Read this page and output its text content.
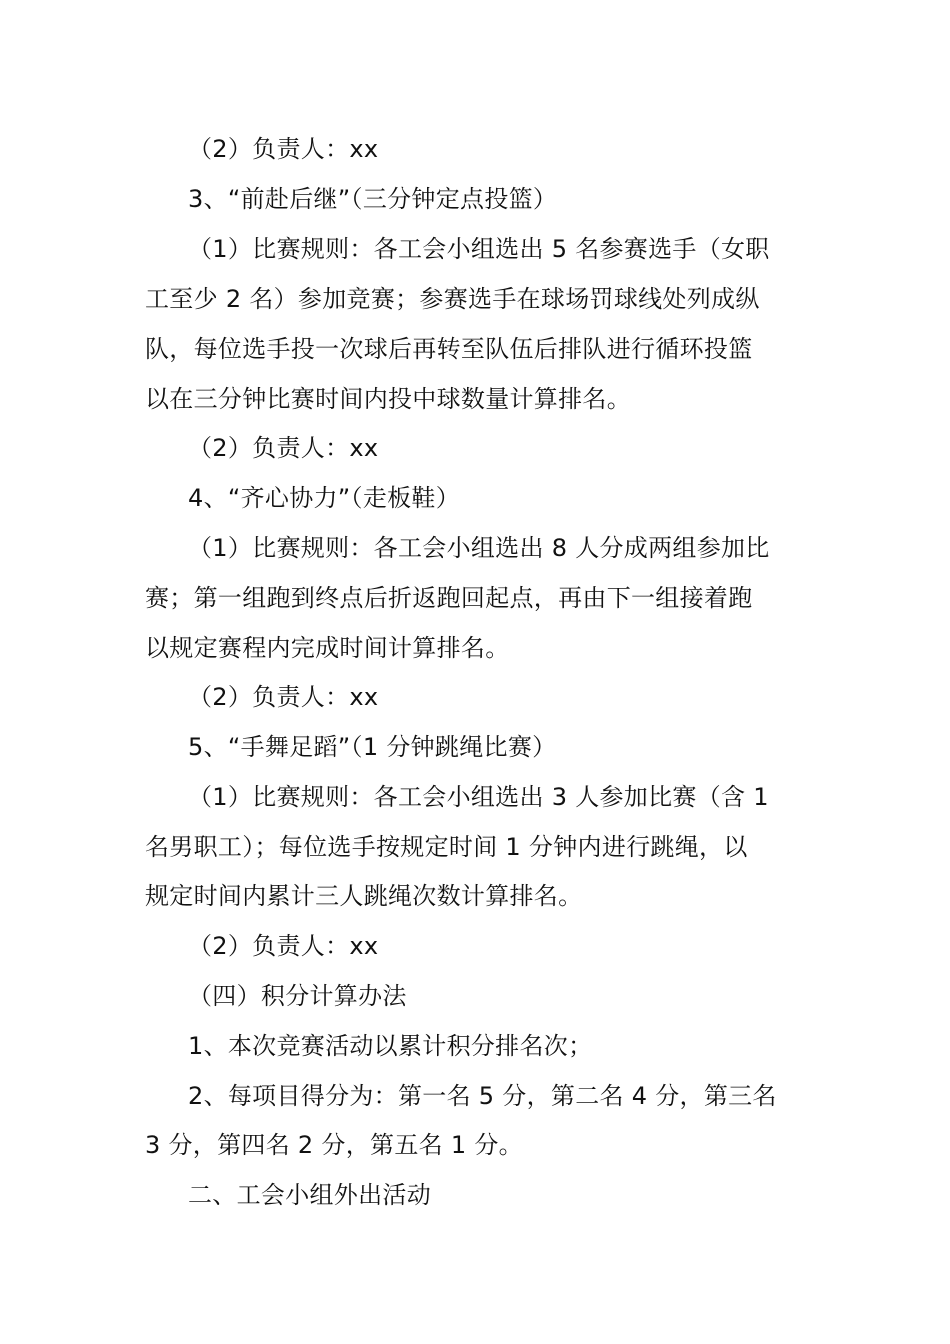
（2）负责人：xx
3、“前赴后继”（三分钟定点投篮）
（1）比赛规则：各工会小组选出 5 名参赛选手（女职
工至少 2 名）参加竞赛；参赛选手在球场罚球线处列成纵
队，每位选手投一次球后再转至队伍后排队进行循环投篮
以在三分钟比赛时间内投中球数量计算排名。
（2）负责人：xx
4、“齐心协力”（走板鞋）
（1）比赛规则：各工会小组选出 8 人分成两组参加比
赛；第一组跑到终点后折返跑回起点，再由下一组接着跑
以规定赛程内完成时间计算排名。
（2）负责人：xx
5、“手舞足蹈”（1 分钟跳绳比赛）
（1）比赛规则：各工会小组选出 3 人参加比赛（含 1
名男职工）；每位选手按规定时间 1 分钟内进行跳绳，以
规定时间内累计三人跳绳次数计算排名。
（2）负责人：xx
（四）积分计算办法
1、本次竞赛活动以累计积分排名次；
2、每项目得分为：第一名 5 分，第二名 4 分，第三名
3 分，第四名 2 分，第五名 1 分。
二、工会小组外出活动
